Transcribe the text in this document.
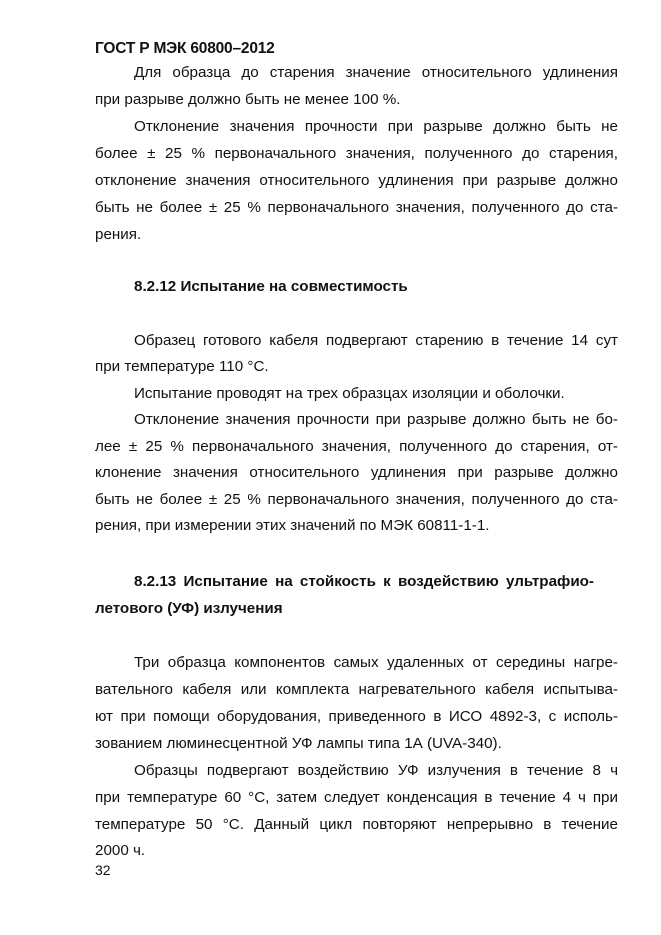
ГОСТ Р МЭК 60800–2012
Для образца до старения значение относительного удлинения
при разрыве должно быть не менее 100 %.
Отклонение значения прочности при разрыве должно быть не
более ± 25 % первоначального значения, полученного до старения,
отклонение значения относительного удлинения при разрыве должно
быть не более ± 25 % первоначального значения, полученного до ста-
рения.
8.2.12 Испытание на совместимость
Образец готового кабеля подвергают старению в течение 14 сут
при температуре 110 °С.
Испытание проводят на трех образцах изоляции и оболочки.
Отклонение значения прочности при разрыве должно быть не бо-
лее ± 25 % первоначального значения, полученного до старения, от-
клонение значения относительного удлинения при разрыве должно
быть не более ± 25 % первоначального значения, полученного до ста-
рения, при измерении этих значений по МЭК 60811-1-1.
8.2.13 Испытание на стойкость к воздействию ультрафио-
летового (УФ) излучения
Три образца компонентов самых удаленных от середины нагре-
вательного кабеля или комплекта нагревательного кабеля испытыва-
ют при помощи оборудования, приведенного в ИСО 4892-3, с исполь-
зованием люминесцентной УФ лампы типа 1А (UVA-340).
Образцы подвергают воздействию УФ излучения в течение 8 ч
при температуре 60 °С, затем следует конденсация в течение 4 ч при
температуре 50 °С. Данный цикл повторяют непрерывно в течение
2000 ч.
32
